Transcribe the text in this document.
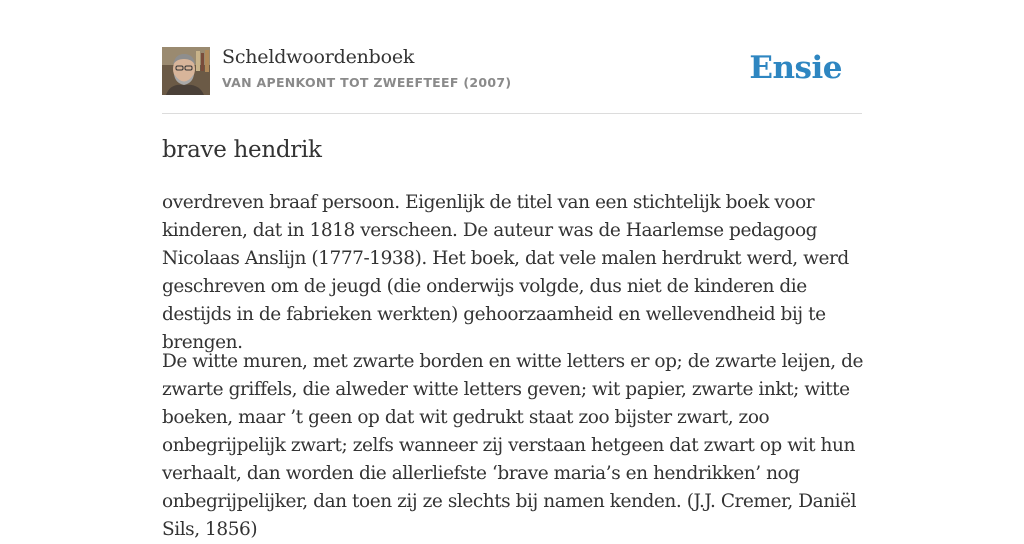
Scheldwoordenboek
VAN APENKONT TOT ZWEEFTEEF (2007)	Ensie
brave hendrik

overdreven braaf persoon. Eigenlijk de titel van een stichtelijk boek voor kinderen, dat in 1818 verscheen. De auteur was de Haarlemse pedagoog Nicolaas Anslijn (1777-1938). Het boek, dat vele malen herdrukt werd, werd geschreven om de jeugd (die onderwijs volgde, dus niet de kinderen die destijds in de fabrieken werkten) gehoorzaamheid en wellevendheid bij te brengen.

De witte muren, met zwarte borden en witte letters er op; de zwarte leijen, de zwarte griffels, die alweder witte letters geven; wit papier, zwarte inkt; witte boeken, maar ’t geen op dat wit gedrukt staat zoo bijster zwart, zoo onbegrijpelijk zwart; zelfs wanneer zij verstaan hetgeen dat zwart op wit hun verhaalt, dan worden die allerliefste ‘brave maria’s en hendrikken’ nog onbegrijpelijker, dan toen zij ze slechts bij namen kenden. (J.J. Cremer, Daniël Sils, 1856)
